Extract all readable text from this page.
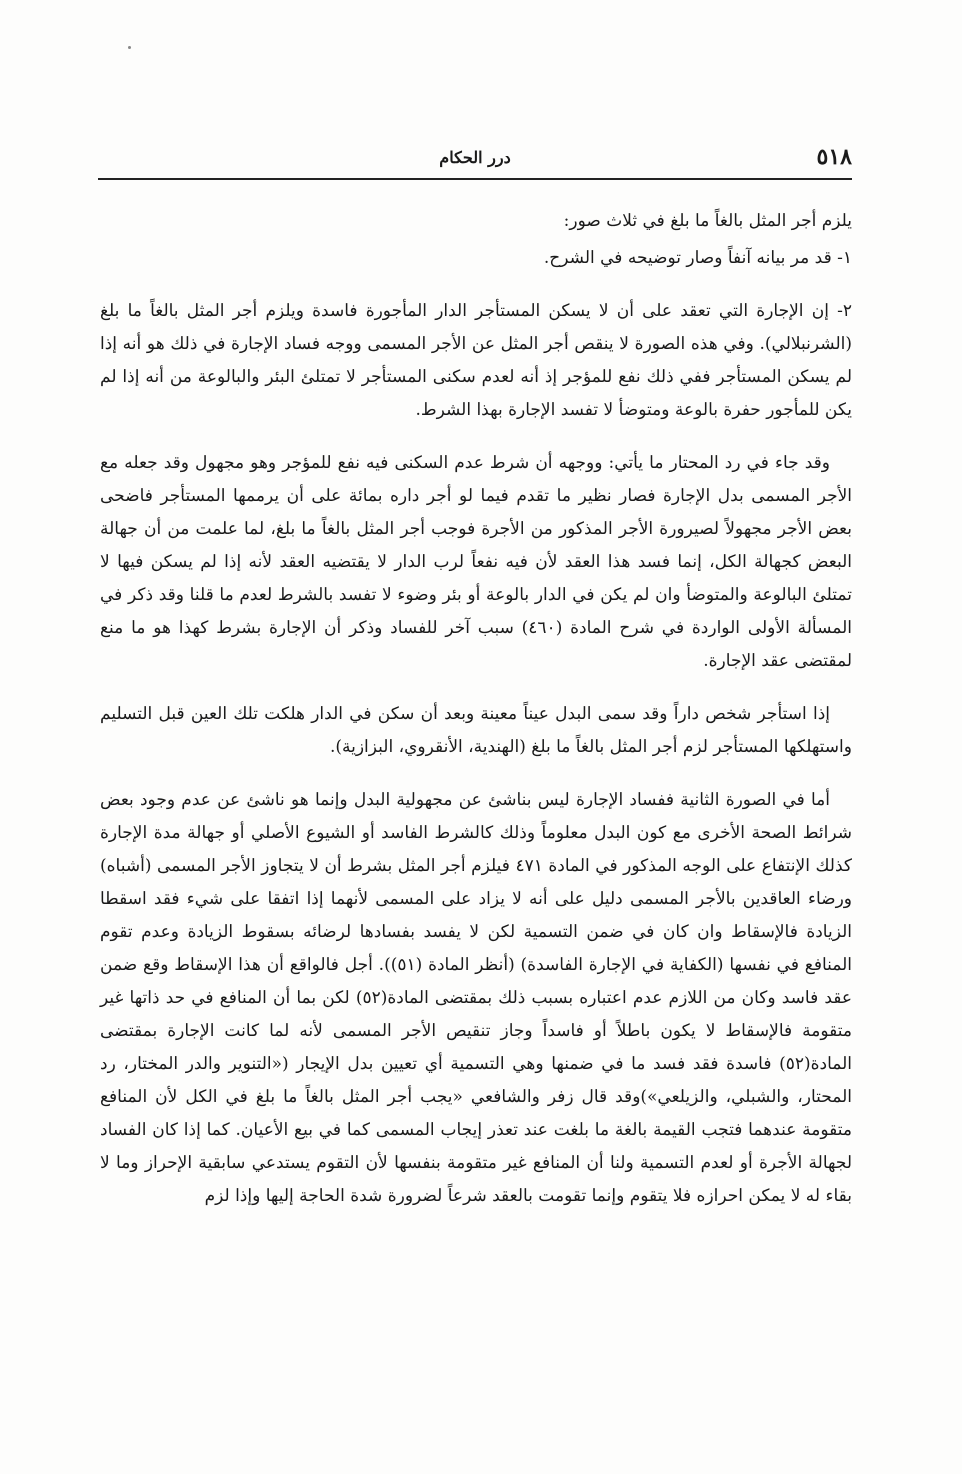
٥١٨
درر الحكام

يلزم أجر المثل بالغاً ما بلغ في ثلاث صور:

١- قد مر بيانه آنفاً وصار توضيحه في الشرح.

٢- إن الإجارة التي تعقد على أن لا يسكن المستأجر الدار المأجورة فاسدة ويلزم أجر المثل بالغاً ما بلغ (الشرنبلالي). وفي هذه الصورة لا ينقص أجر المثل عن الأجر المسمى ووجه فساد الإجارة في ذلك هو أنه إذا لم يسكن المستأجر ففي ذلك نفع للمؤجر إذ أنه لعدم سكنى المستأجر لا تمتلئ البئر والبالوعة من أنه إذا لم يكن للمأجور حفرة بالوعة ومتوضأ لا تفسد الإجارة بهذا الشرط.

وقد جاء في رد المحتار ما يأتي: ووجهه أن شرط عدم السكنى فيه نفع للمؤجر وهو مجهول وقد جعله مع الأجر المسمى بدل الإجارة فصار نظير ما تقدم فيما لو أجر داره بمائة على أن يرممها المستأجر فاضحى بعض الأجر مجهولاً لصيرورة الأجر المذكور من الأجرة فوجب أجر المثل بالغاً ما بلغ، لما علمت من أن جهالة البعض كجهالة الكل، إنما فسد هذا العقد لأن فيه نفعاً لرب الدار لا يقتضيه العقد لأنه إذا لم يسكن فيها لا تمتلئ البالوعة والمتوضأ وان لم يكن في الدار بالوعة أو بئر وضوء لا تفسد بالشرط لعدم ما قلنا وقد ذكر في المسألة الأولى الواردة في شرح المادة (٤٦٠) سبب آخر للفساد وذكر أن الإجارة بشرط كهذا هو ما منع لمقتضى عقد الإجارة.

إذا استأجر شخص داراً وقد سمى البدل عيناً معينة وبعد أن سكن في الدار هلكت تلك العين قبل التسليم واستهلكها المستأجر لزم أجر المثل بالغاً ما بلغ (الهندية، الأنقروي، البزازية).

أما في الصورة الثانية ففساد الإجارة ليس بناشئ عن مجهولية البدل وإنما هو ناشئ عن عدم وجود بعض شرائط الصحة الأخرى مع كون البدل معلوماً وذلك كالشرط الفاسد أو الشيوع الأصلي أو جهالة مدة الإجارة كذلك الإنتفاع على الوجه المذكور في المادة ٤٧١ فيلزم أجر المثل بشرط أن لا يتجاوز الأجر المسمى (أشباه) ورضاء العاقدين بالأجر المسمى دليل على أنه لا يزاد على المسمى لأنهما إذا اتفقا على شيء فقد اسقطا الزيادة فالإسقاط وان كان في ضمن التسمية لكن لا يفسد بفسادها لرضائه بسقوط الزيادة وعدم تقوم المنافع في نفسها (الكفاية في الإجارة الفاسدة) (أنظر المادة (٥١)). أجل فالواقع أن هذا الإسقاط وقع ضمن عقد فاسد وكان من اللازم عدم اعتباره بسبب ذلك بمقتضى المادة(٥٢) لكن بما أن المنافع في حد ذاتها غير متقومة فالإسقاط لا يكون باطلاً أو فاسداً وجاز تنقيص الأجر المسمى لأنه لما كانت الإجارة بمقتضى المادة(٥٢) فاسدة فقد فسد ما في ضمنها وهي التسمية أي تعيين بدل الإيجار («التنوير والدر المختار، رد المحتار، والشبلي، والزيلعي»)وقد قال زفر والشافعي «يجب أجر المثل بالغاً ما بلغ في الكل لأن المنافع متقومة عندهما فتجب القيمة بالغة ما بلغت عند تعذر إيجاب المسمى كما في بيع الأعيان. كما إذا كان الفساد لجهالة الأجرة أو لعدم التسمية ولنا أن المنافع غير متقومة بنفسها لأن التقوم يستدعي سابقية الإحراز وما لا بقاء له لا يمكن احرازه فلا يتقوم وإنما تقومت بالعقد شرعاً لضرورة شدة الحاجة إليها وإذا لزم
